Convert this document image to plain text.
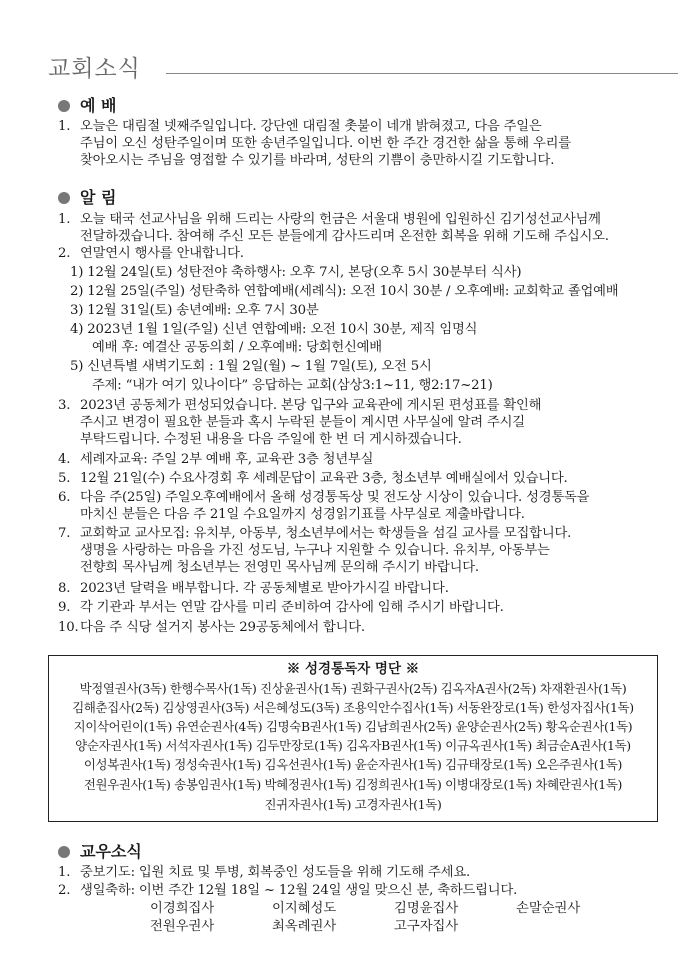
교회소식
예 배
1. 오늘은 대림절 넷째주일입니다. 강단엔 대림절 촛불이 네개 밝혀졌고, 다음 주일은
주님이 오신 성탄주일이며 또한 송년주일입니다. 이번 한 주간 경건한 삶을 통해 우리를
찾아오시는 주님을 영접할 수 있기를 바라며, 성탄의 기쁨이 충만하시길 기도합니다.
알 림
1. 오늘 태국 선교사님을 위해 드리는 사랑의 헌금은 서울대 병원에 입원하신 김기성선교사님께
전달하겠습니다. 참여해 주신 모든 분들에게 감사드리며 온전한 회복을 위해 기도해 주십시오.
2. 연말연시 행사를 안내합니다.
1) 12월 24일(토) 성탄전야 축하행사: 오후 7시, 본당(오후 5시 30분부터 식사)
2) 12월 25일(주일) 성탄축하 연합예배(세례식): 오전 10시 30분 / 오후예배: 교회학교 졸업예배
3) 12월 31일(토) 송년예배: 오후 7시 30분
4) 2023년 1월 1일(주일) 신년 연합예배: 오전 10시 30분, 제직 임명식
예배 후: 예결산 공동의회 / 오후예배: 당회헌신예배
5) 신년특별 새벽기도회 : 1월 2일(월) ~ 1월 7일(토), 오전 5시
주제: “내가 여기 있나이다” 응답하는 교회(삼상3:1~11, 행2:17~21)
3. 2023년 공동체가 편성되었습니다. 본당 입구와 교육관에 게시된 편성표를 확인해
주시고 변경이 필요한 분들과 혹시 누락된 분들이 계시면 사무실에 알려 주시길
부탁드립니다. 수정된 내용을 다음 주일에 한 번 더 게시하겠습니다.
4. 세례자교육: 주일 2부 예배 후, 교육관 3층 청년부실
5. 12월 21일(수) 수요사경회 후 세례문답이 교육관 3층, 청소년부 예배실에서 있습니다.
6. 다음 주(25일) 주일오후예배에서 올해 성경통독상 및 전도상 시상이 있습니다. 성경통독을
마치신 분들은 다음 주 21일 수요일까지 성경읽기표를 사무실로 제출바랍니다.
7. 교회학교 교사모집: 유치부, 아동부, 청소년부에서는 학생들을 섬길 교사를 모집합니다.
생명을 사랑하는 마음을 가진 성도님, 누구나 지원할 수 있습니다. 유치부, 아동부는
전향희 목사님께 청소년부는 전영민 목사님께 문의해 주시기 바랍니다.
8. 2023년 달력을 배부합니다. 각 공동체별로 받아가시길 바랍니다.
9. 각 기관과 부서는 연말 감사를 미리 준비하여 감사에 임해 주시기 바랍니다.
10.다음 주 식당 설거지 봉사는 29공동체에서 합니다.
※ 성경통독자 명단 ※
박정열권사(3독) 한행수목사(1독) 진상윤권사(1독) 권화구권사(2독) 김옥자A권사(2독) 차재환권사(1독)
김해춘집사(2독) 김상영권사(3독) 서은혜성도(3독) 조용익안수집사(1독) 서동완장로(1독) 한성자집사(1독)
지이삭어린이(1독) 유연순권사(4독) 김명숙B권사(1독) 김남희권사(2독) 윤양순권사(2독) 황옥순권사(1독)
양순자권사(1독) 서석자권사(1독) 김두만장로(1독) 김옥자B권사(1독) 이규옥권사(1독) 최금순A권사(1독)
이성복권사(1독) 정성숙권사(1독) 김옥선권사(1독) 윤순자권사(1독) 김규태장로(1독) 오은주권사(1독)
전원우권사(1독) 송봉임권사(1독) 박혜정권사(1독) 김정희권사(1독) 이병대장로(1독) 차혜란권사(1독)
진귀자권사(1독) 고경자권사(1독)
교우소식
1. 중보기도: 입원 치료 및 투병, 회복중인 성도들을 위해 기도해 주세요.
2. 생일축하: 이번 주간 12월 18일 ~ 12월 24일 생일 맞으신 분, 축하드립니다.
이경희집사	이지혜성도	김명윤집사	손말순권사
전원우권사	최옥례권사	고구자집사
